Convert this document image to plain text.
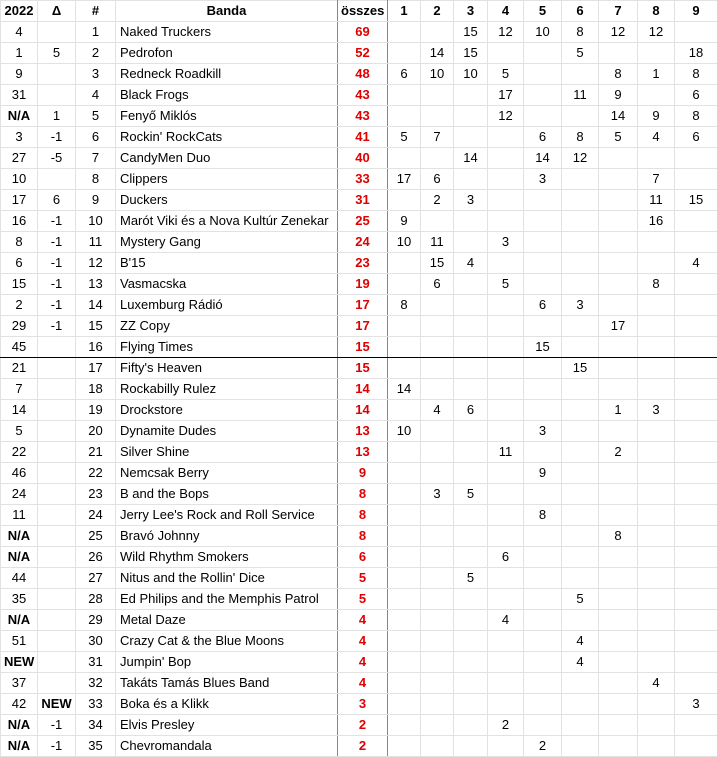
2022	Δ	#	Banda	összes	1	2	3	4	5	6	7	8	9
4		1	Naked Truckers	69			15	12	10	8	12	12	
1	5	2	Pedrofon	52		14	15			5			18
9		3	Redneck Roadkill	48	6	10	10	5			8	1	8
31		4	Black Frogs	43				17		11	9		6
N/A	1	5	Fenyő Miklós	43				12			14	9	8
3	-1	6	Rockin' RockCats	41	5	7			6	8	5	4	6
27	-5	7	CandyMen Duo	40			14		14	12			
10		8	Clippers	33	17	6			3			7	
17	6	9	Duckers	31		2	3					11	15
16	-1	10	Marót Viki és a Nova Kultúr Zenekar	25	9							16	
8	-1	11	Mystery Gang	24	10	11		3					
6	-1	12	B'15	23		15	4						4
15	-1	13	Vasmacska	19		6		5				8	
2	-1	14	Luxemburg Rádió	17	8				6	3			
29	-1	15	ZZ Copy	17							17		
45		16	Flying Times	15					15				
21		17	Fifty's Heaven	15						15			
7		18	Rockabilly Rulez	14	14								
14		19	Drockstore	14		4	6				1	3	
5		20	Dynamite Dudes	13	10				3				
22		21	Silver Shine	13				11			2		
46		22	Nemcsak Berry	9					9				
24		23	B and the Bops	8		3	5						
11		24	Jerry Lee's Rock and Roll Service	8					8				
N/A		25	Bravó Johnny	8							8		
N/A		26	Wild Rhythm Smokers	6				6					
44		27	Nitus and the Rollin' Dice	5			5						
35		28	Ed Philips and the Memphis Patrol	5						5			
N/A		29	Metal Daze	4				4					
51		30	Crazy Cat & the Blue Moons	4						4			
NEW		31	Jumpin' Bop	4						4			
37		32	Takáts Tamás Blues Band	4								4	
42	NEW	33	Boka és a Klikk	3									3
N/A	-1	34	Elvis Presley	2				2					
N/A	-1	35	Chevromandala	2					2				
